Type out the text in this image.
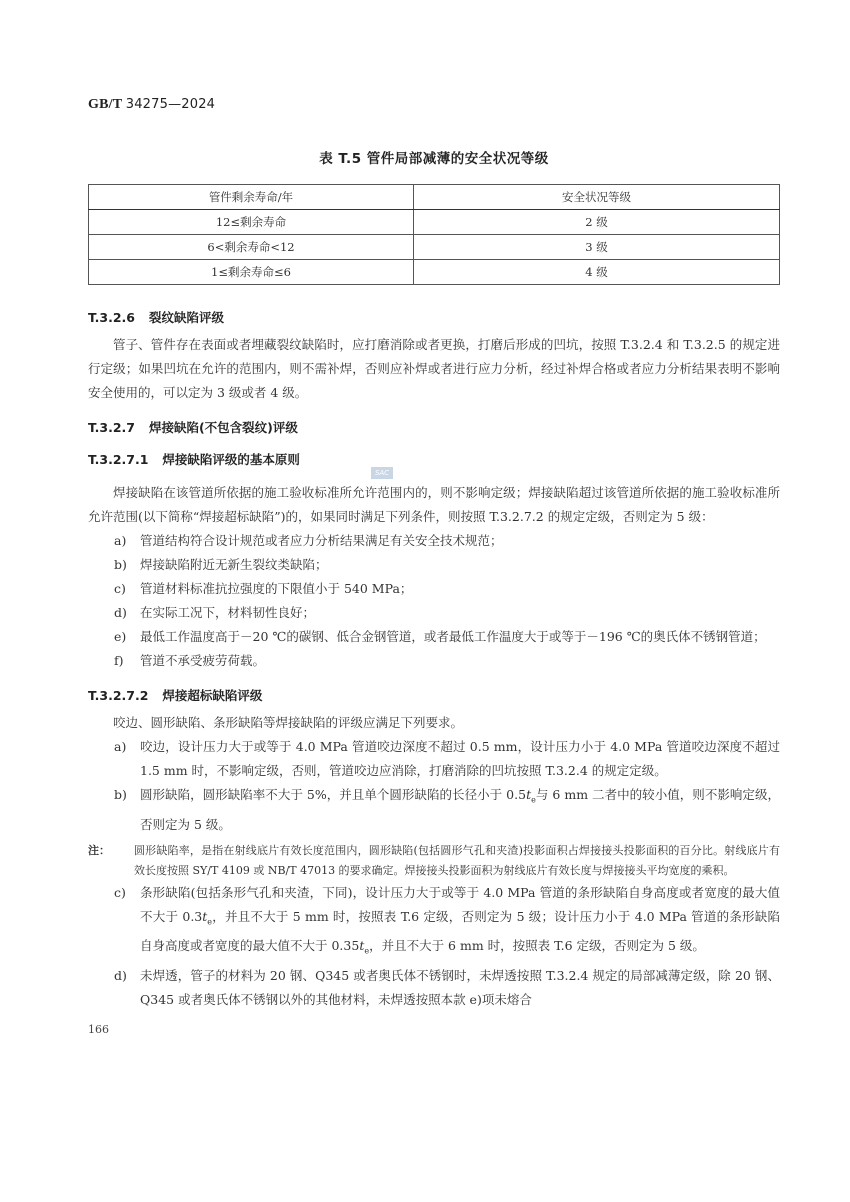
GB/T 34275—2024
表 T.5 管件局部减薄的安全状况等级
管件剩余寿命/年	安全状况等级
12≤剩余寿命	2 级
6<剩余寿命<12	3 级
1≤剩余寿命≤6	4 级
T.3.2.6 裂纹缺陷评级
管子、管件存在表面或者埋藏裂纹缺陷时，应打磨消除或者更换，打磨后形成的凹坑，按照 T.3.2.4 和 T.3.2.5 的规定进行定级；如果凹坑在允许的范围内，则不需补焊，否则应补焊或者进行应力分析，经过补焊合格或者应力分析结果表明不影响安全使用的，可以定为 3 级或者 4 级。
T.3.2.7 焊接缺陷(不包含裂纹)评级
T.3.2.7.1 焊接缺陷评级的基本原则
SAC
焊接缺陷在该管道所依据的施工验收标准所允许范围内的，则不影响定级；焊接缺陷超过该管道所依据的施工验收标准所允许范围(以下简称“焊接超标缺陷”)的，如果同时满足下列条件，则按照 T.3.2.7.2 的规定定级，否则定为 5 级：
a) 管道结构符合设计规范或者应力分析结果满足有关安全技术规范；
b) 焊接缺陷附近无新生裂纹类缺陷；
c) 管道材料标准抗拉强度的下限值小于 540 MPa；
d) 在实际工况下，材料韧性良好；
e) 最低工作温度高于－20 ℃的碳钢、低合金钢管道，或者最低工作温度大于或等于－196 ℃的奥氏体不锈钢管道；
f) 管道不承受疲劳荷载。
T.3.2.7.2 焊接超标缺陷评级
咬边、圆形缺陷、条形缺陷等焊接缺陷的评级应满足下列要求。
a) 咬边，设计压力大于或等于 4.0 MPa 管道咬边深度不超过 0.5 mm，设计压力小于 4.0 MPa 管道咬边深度不超过 1.5 mm 时，不影响定级，否则，管道咬边应消除，打磨消除的凹坑按照 T.3.2.4 的规定定级。
b) 圆形缺陷，圆形缺陷率不大于 5%，并且单个圆形缺陷的长径小于 $0.5t_e$与 6 mm 二者中的较小值，则不影响定级，否则定为 5 级。
注： 圆形缺陷率，是指在射线底片有效长度范围内，圆形缺陷(包括圆形气孔和夹渣)投影面积占焊接接头投影面积的百分比。射线底片有效长度按照 SY/T 4109 或 NB/T 47013 的要求确定。焊接接头投影面积为射线底片有效长度与焊接接头平均宽度的乘积。
c) 条形缺陷(包括条形气孔和夹渣，下同)，设计压力大于或等于 4.0 MPa 管道的条形缺陷自身高度或者宽度的最大值不大于 $0.3t_e$，并且不大于 5 mm 时，按照表 T.6 定级，否则定为 5 级；设计压力小于 4.0 MPa 管道的条形缺陷自身高度或者宽度的最大值不大于 $0.35t_e$，并且不大于 6 mm 时，按照表 T.6 定级，否则定为 5 级。
d) 未焊透，管子的材料为 20 钢、Q345 或者奥氏体不锈钢时，未焊透按照 T.3.2.4 规定的局部减薄定级，除 20 钢、Q345 或者奥氏体不锈钢以外的其他材料，未焊透按照本款 e)项未熔合
166
